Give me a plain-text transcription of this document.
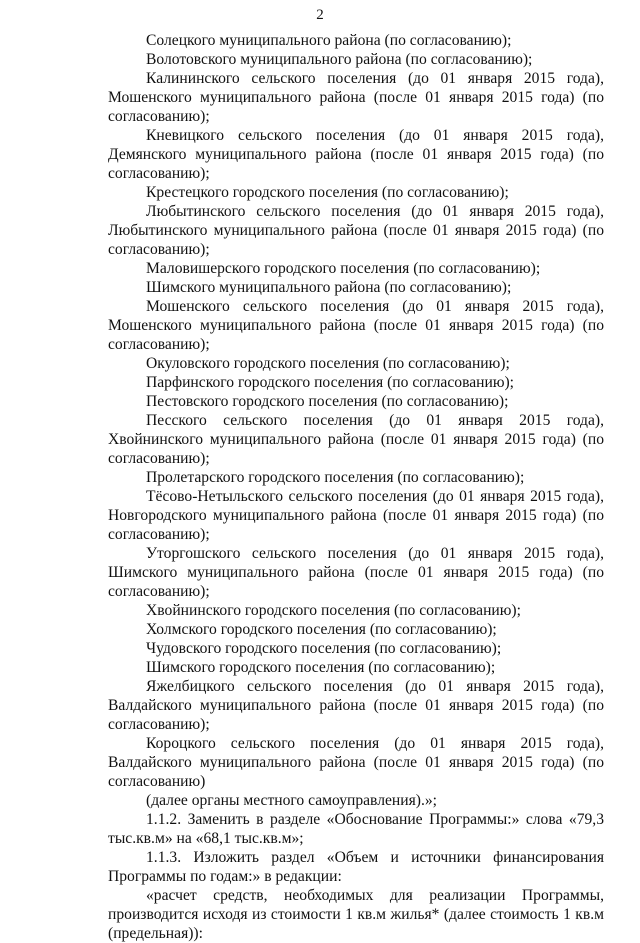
2

Солецкого муниципального района (по согласованию);

Волотовского муниципального района (по согласованию);

Калининского сельского поселения (до 01 января 2015 года), Мошенского муниципального района (после 01 января 2015 года) (по согласованию);

Кневицкого сельского поселения (до 01 января 2015 года), Демянского муниципального района (после 01 января 2015 года) (по согласованию);

Крестецкого городского поселения (по согласованию);

Любытинского сельского поселения (до 01 января 2015 года), Любытинского муниципального района (после 01 января 2015 года) (по согласованию);

Маловишерского городского поселения (по согласованию);

Шимского муниципального района (по согласованию);

Мошенского сельского поселения (до 01 января 2015 года), Мошенского муниципального района (после 01 января 2015 года) (по согласованию);

Окуловского городского поселения (по согласованию);

Парфинского городского поселения (по согласованию);

Пестовского городского поселения (по согласованию);

Песского сельского поселения (до 01 января 2015 года), Хвойнинского муниципального района (после 01 января 2015 года) (по согласованию);

Пролетарского городского поселения (по согласованию);

Тёсово-Нетыльского сельского поселения (до 01 января 2015 года), Новгородского муниципального района (после 01 января 2015 года) (по согласованию);

Уторгошского сельского поселения (до 01 января 2015 года), Шимского муниципального района (после 01 января 2015 года) (по согласованию);

Хвойнинского городского поселения (по согласованию);

Холмского городского поселения (по согласованию);

Чудовского городского поселения (по согласованию);

Шимского городского поселения (по согласованию);

Яжелбицкого сельского поселения (до 01 января 2015 года), Валдайского муниципального района (после 01 января 2015 года) (по согласованию);

Короцкого сельского поселения (до 01 января 2015 года), Валдайского муниципального района (после 01 января 2015 года) (по согласованию)

(далее органы местного самоуправления).»;

1.1.2. Заменить в разделе «Обоснование Программы:» слова «79,3 тыс.кв.м» на «68,1 тыс.кв.м»;

1.1.3. Изложить раздел «Объем и источники финансирования Программы по годам:» в редакции:

«расчет средств, необходимых для реализации Программы, производится исходя из стоимости 1 кв.м жилья* (далее стоимость 1 кв.м (предельная)):
